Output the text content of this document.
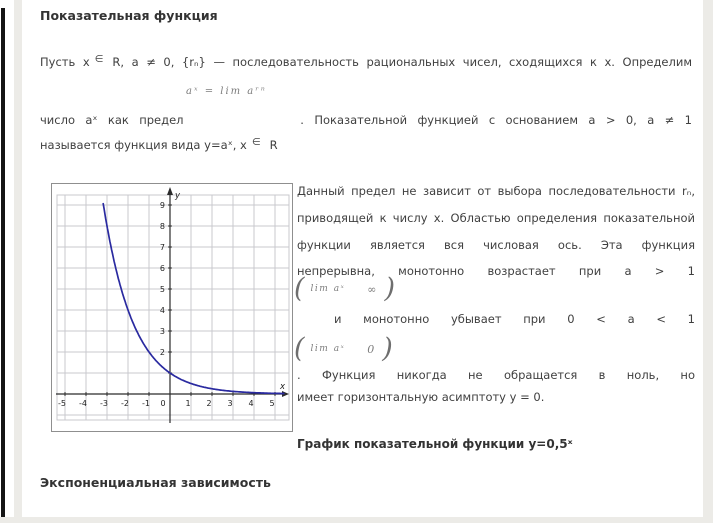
Показательная функция
Пусть x ∈ R, a ≠ 0, {rₙ} — последовательность рациональных чисел, сходящихся к x. Определим
aˣ = lim aʳⁿ
число aˣ как предел	. Показательной функцией с основанием a > 0, a ≠ 1
называется функция вида y=aˣ, x ∈ R
-5 -4 -3 -2 -1 0 1 2 3 4 5
2
3
4
5
6
7
8
9
x
y	Данный предел не зависит от выбора последовательности rₙ,
приводящей к числу x. Областью определения показательной
функции является вся числовая ось. Эта функция
непрерывна, монотонно возрастает при a > 1
( lim aˣ ∞ )
и монотонно убывает при 0 < a < 1
( lim aˣ 0 )
. Функция никогда не обращается в ноль, но
имеет горизонтальную асимптоту y = 0.
График показательной функции y=0,5ˣ
Экспоненциальная зависимость
